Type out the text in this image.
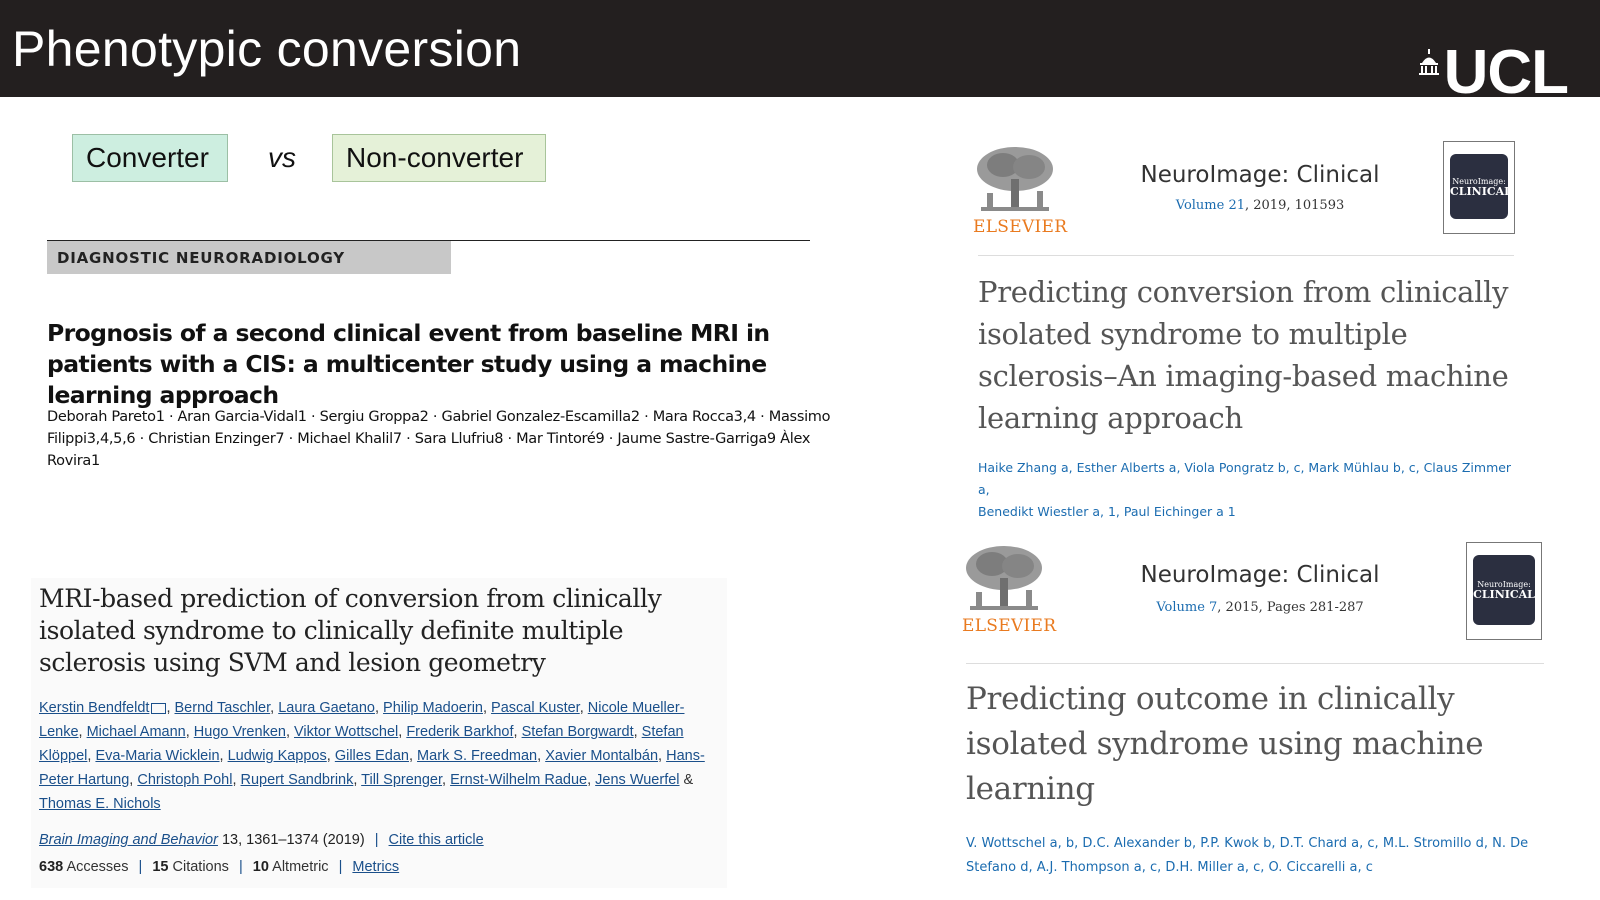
Phenotypic conversion	UCL
Converter	vs	Non-converter
DIAGNOSTIC NEURORADIOLOGY
Prognosis of a second clinical event from baseline MRI in patients with a CIS: a multicenter study using a machine learning approach
Deborah Pareto1 · Aran Garcia-Vidal1 · Sergiu Groppa2 · Gabriel Gonzalez-Escamilla2 · Mara Rocca3,4 · Massimo Filippi3,4,5,6 · Christian Enzinger7 · Michael Khalil7 · Sara Llufriu8 · Mar Tintoré9 · Jaume Sastre-Garriga9 Àlex Rovira1
MRI-based prediction of conversion from clinically isolated syndrome to clinically definite multiple sclerosis using SVM and lesion geometry
Kerstin Bendfeldt , Bernd Taschler, Laura Gaetano, Philip Madoerin, Pascal Kuster, Nicole Mueller-Lenke, Michael Amann, Hugo Vrenken, Viktor Wottschel, Frederik Barkhof, Stefan Borgwardt, Stefan Klöppel, Eva-Maria Wicklein, Ludwig Kappos, Gilles Edan, Mark S. Freedman, Xavier Montalbán, Hans-Peter Hartung, Christoph Pohl, Rupert Sandbrink, Till Sprenger, Ernst-Wilhelm Radue, Jens Wuerfel & Thomas E. Nichols
Brain Imaging and Behavior 13, 1361–1374 (2019) | Cite this article
638 Accesses | 15 Citations | 10 Altmetric | Metrics
ELSEVIER
NeuroImage: Clinical
Volume 21, 2019, 101593
NeuroImage:
CLINICAL
Predicting conversion from clinically isolated syndrome to multiple sclerosis–An imaging-based machine learning approach
Haike Zhang a, Esther Alberts a, Viola Pongratz b, c, Mark Mühlau b, c, Claus Zimmer a,
Benedikt Wiestler a, 1, Paul Eichinger a 1
ELSEVIER
NeuroImage: Clinical
Volume 7, 2015, Pages 281-287
NeuroImage:
CLINICAL
Predicting outcome in clinically isolated syndrome using machine learning
V. Wottschel a, b, D.C. Alexander b, P.P. Kwok b, D.T. Chard a, c, M.L. Stromillo d, N. De
Stefano d, A.J. Thompson a, c, D.H. Miller a, c, O. Ciccarelli a, c
